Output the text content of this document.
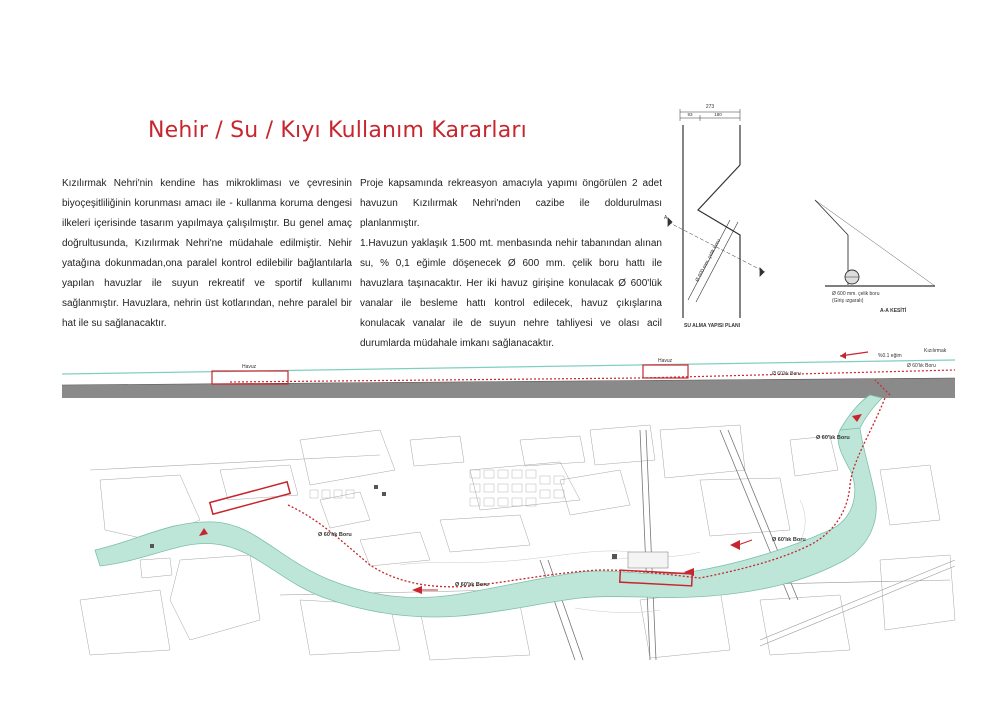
Nehir / Su / Kıyı Kullanım Kararları

Kızılırmak Nehri'nin kendine has mikrokliması ve çevresinin biyoçeşitliliğinin korunması amacı ile - kullanma koruma dengesi ilkeleri içerisinde tasarım yapılmaya çalışılmıştır. Bu genel amaç doğrultusunda, Kızılırmak Nehri'ne müdahale edilmiştir. Nehir yatağına dokunmadan,ona paralel kontrol edilebilir bağlantılarla yapılan havuzlar ile suyun rekreatif ve sportif kullanımı sağlanmıştır. Havuzlara, nehrin üst kotlarından, nehre paralel bir hat ile su sağlanacaktır.

Proje kapsamında rekreasyon amacıyla yapımı öngörülen 2 adet havuzun Kızılırmak Nehri'nden cazibe ile doldurulması planlanmıştır.
1.Havuzun yaklaşık 1.500 mt. menbasında nehir tabanından alınan su, % 0,1 eğimle döşenecek Ø 600 mm. çelik boru hattı ile havuzlara taşınacaktır. Her iki havuz girişine konulacak Ø 600'lük vanalar ile besleme hattı kontrol edilecek, havuz çıkışlarına konulacak vanalar ile de suyun nehre tahliyesi ve olası acil durumlarda müdahale imkanı sağlanacaktır.

273
93	180
Ø 600 mm. çelik boru
A
SU ALMA YAPISI PLANI
Ø 600 mm. çelik boru
(Giriş ızgaralı)
A-A KESİTİ
Havuz
Havuz
%0.1 eğim
Kızılırmak
Ø 60'lık Boru
Ø 60'lık Boru
Ø 60'lık Boru
Ø 60'lık Boru
Ø 60'lık Boru
Ø 60'lık Boru
